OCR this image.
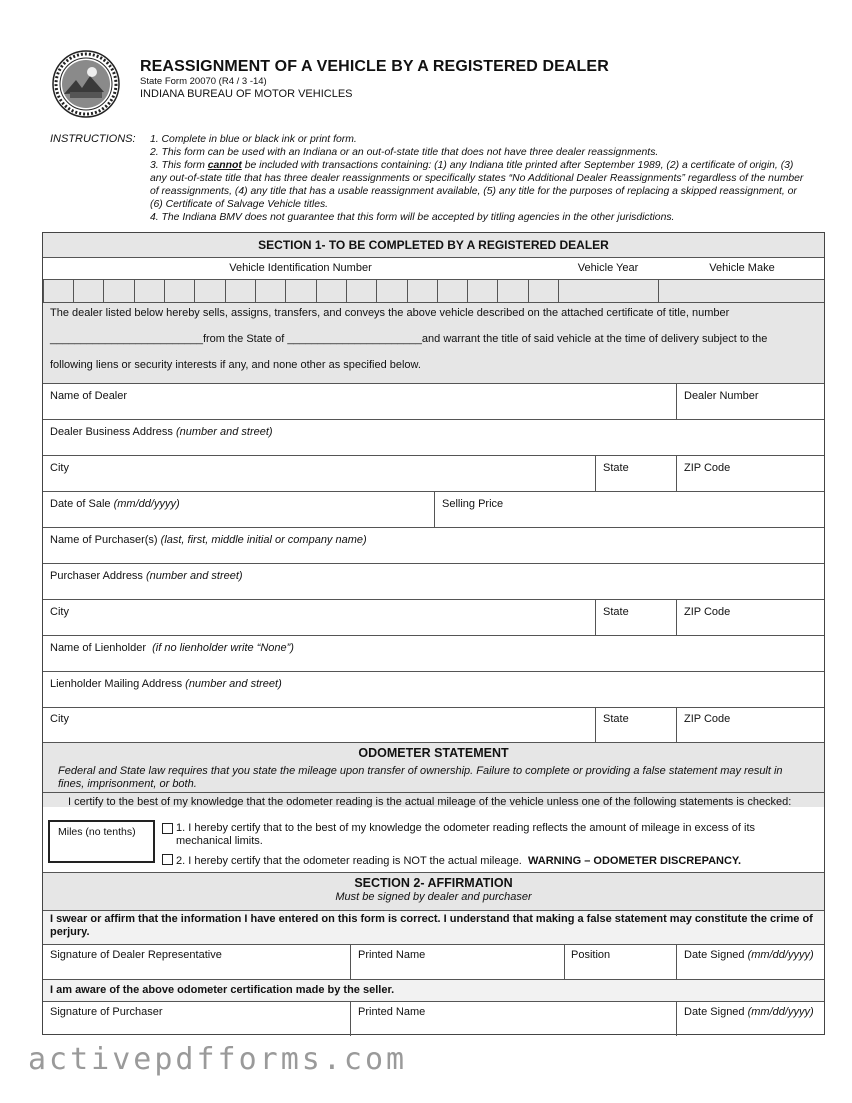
REASSIGNMENT OF A VEHICLE BY A REGISTERED DEALER
State Form 20070 (R4 / 3 -14)
INDIANA BUREAU OF MOTOR VEHICLES
INSTRUCTIONS: 1. Complete in blue or black ink or print form.

2. This form can be used with an Indiana or an out-of-state title that does not have three dealer reassignments.

3. This form cannot be included with transactions containing: (1) any Indiana title printed after September 1989, (2) a certificate of origin, (3) any out-of-state title that has three dealer reassignments or specifically states “No Additional Dealer Reassignments” regardless of the number of reassignments, (4) any title that has a usable reassignment available, (5) any title for the purposes of replacing a skipped reassignment, or (6) Certificate of Salvage Vehicle titles.

4. The Indiana BMV does not guarantee that this form will be accepted by titling agencies in the other jurisdictions.

SECTION 1- TO BE COMPLETED BY A REGISTERED DEALER
Vehicle Identification Number	Vehicle Year	Vehicle Make
The dealer listed below hereby sells, assigns, transfers, and conveys the above vehicle described on the attached certificate of title, number
_________________________from the State of ______________________and warrant the title of said vehicle at the time of delivery subject to the
following liens or security interests if any, and none other as specified below.
Name of Dealer	Dealer Number
Dealer Business Address (number and street)
City	State	ZIP Code
Date of Sale (mm/dd/yyyy)	Selling Price
Name of Purchaser(s) (last, first, middle initial or company name)
Purchaser Address (number and street)
City	State	ZIP Code
Name of Lienholder (if no lienholder write “None”)
Lienholder Mailing Address (number and street)
City	State	ZIP Code
ODOMETER STATEMENT
Federal and State law requires that you state the mileage upon transfer of ownership. Failure to complete or providing a false statement may result in fines, imprisonment, or both.
I certify to the best of my knowledge that the odometer reading is the actual mileage of the vehicle unless one of the following statements is checked:
Miles (no tenths)	1. I hereby certify that to the best of my knowledge the odometer reading reflects the amount of mileage in excess of its mechanical limits.
2. I hereby certify that the odometer reading is NOT the actual mileage. WARNING – ODOMETER DISCREPANCY.
SECTION 2- AFFIRMATION
Must be signed by dealer and purchaser
I swear or affirm that the information I have entered on this form is correct. I understand that making a false statement may constitute the crime of perjury.
Signature of Dealer Representative	Printed Name	Position	Date Signed (mm/dd/yyyy)
I am aware of the above odometer certification made by the seller.
Signature of Purchaser	Printed Name	Date Signed (mm/dd/yyyy)
activepdfforms.com
